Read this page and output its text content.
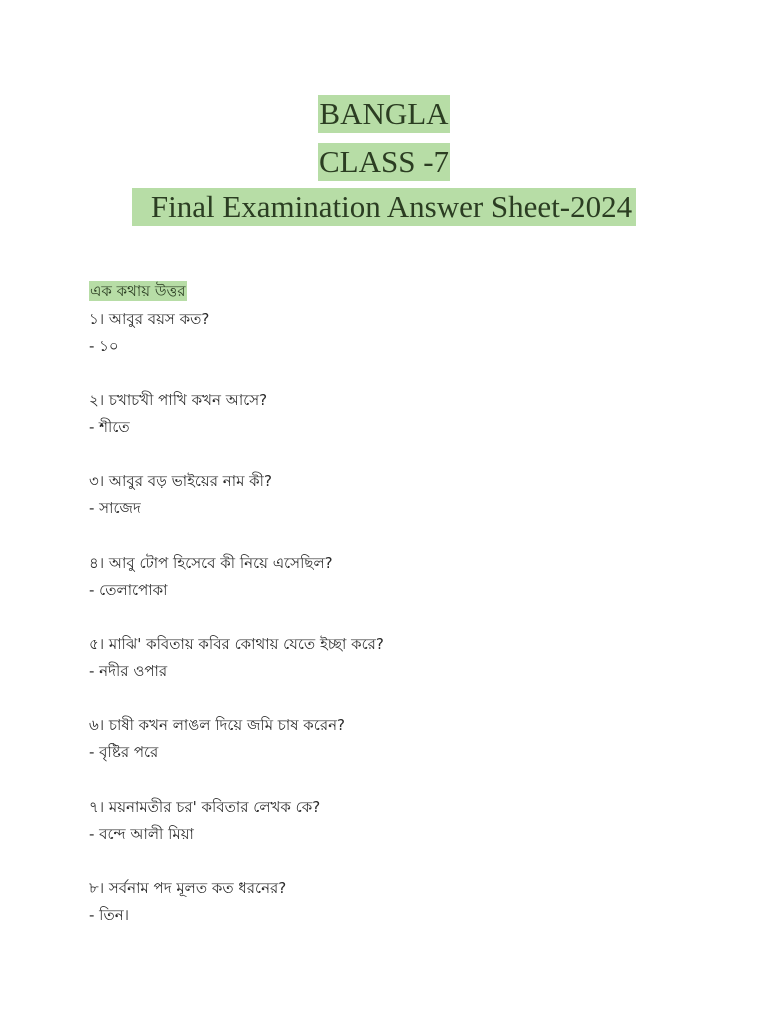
BANGLA
CLASS -7
Final Examination Answer Sheet-2024
এক কথায় উত্তর
১। আবুর বয়স কত?
- ১০
২। চখাচখী পাখি কখন আসে?
- শীতে
৩। আবুর বড় ভাইয়ের নাম কী?
- সাজেদ
৪। আবু টোপ হিসেবে কী নিয়ে এসেছিল?
- তেলাপোকা
৫। মাঝি' কবিতায় কবির কোথায় যেতে ইচ্ছা করে?
- নদীর ওপার
৬। চাষী কখন লাঙল দিয়ে জমি চাষ করেন?
- বৃষ্টির পরে
৭। ময়নামতীর চর' কবিতার লেখক কে?
- বন্দে আলী মিয়া
৮। সর্বনাম পদ মূলত কত ধরনের?
- তিন।
